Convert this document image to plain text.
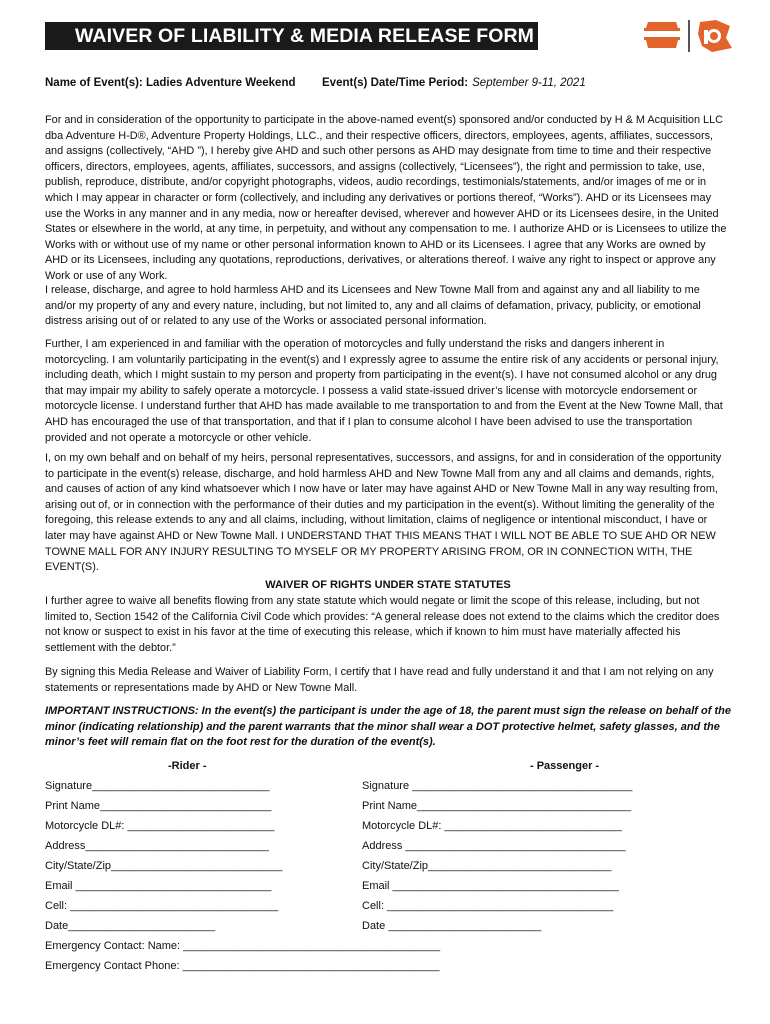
WAIVER OF LIABILITY & MEDIA RELEASE FORM
Name of Event(s): Ladies Adventure Weekend Event(s) Date/Time Period: September 9-11, 2021

For and in consideration of the opportunity to participate in the above-named event(s) sponsored and/or conducted by H & M Acquisition LLC dba Adventure H-D®, Adventure Property Holdings, LLC., and their respective officers, directors, employees, agents, affiliates, successors, and assigns (collectively, “AHD ”), I hereby give AHD and such other persons as AHD may designate from time to time and their respective officers, directors, employees, agents, affiliates, successors, and assigns (collectively, “Licensees”), the right and permission to take, use, publish, reproduce, distribute, and/or copyright photographs, videos, audio recordings, testimonials/statements, and/or images of me or in which I may appear in character or form (collectively, and including any derivatives or portions thereof, “Works”). AHD or its Licensees may use the Works in any manner and in any media, now or hereafter devised, wherever and however AHD or its Licensees desire, in the United States or elsewhere in the world, at any time, in perpetuity, and without any compensation to me. I authorize AHD or is Licensees to utilize the Works with or without use of my name or other personal information known to AHD or its Licensees. I agree that any Works are owned by AHD or its Licensees, including any quotations, reproductions, derivatives, or alterations thereof. I waive any right to inspect or approve any Work or use of any Work.

I release, discharge, and agree to hold harmless AHD and its Licensees and New Towne Mall from and against any and all liability to me and/or my property of any and every nature, including, but not limited to, any and all claims of defamation, privacy, publicity, or emotional distress arising out of or related to any use of the Works or associated personal information.

Further, I am experienced in and familiar with the operation of motorcycles and fully understand the risks and dangers inherent in motorcycling. I am voluntarily participating in the event(s) and I expressly agree to assume the entire risk of any accidents or personal injury, including death, which I might sustain to my person and property from participating in the event(s). I have not consumed alcohol or any drug that may impair my ability to safely operate a motorcycle. I possess a valid state-issued driver’s license with motorcycle endorsement or motorcycle license. I understand further that AHD has made available to me transportation to and from the Event at the New Towne Mall, that AHD has encouraged the use of that transportation, and that if I plan to consume alcohol I have been advised to use the transportation provided and not operate a motorcycle or other vehicle.

I, on my own behalf and on behalf of my heirs, personal representatives, successors, and assigns, for and in consideration of the opportunity to participate in the event(s) release, discharge, and hold harmless AHD and New Towne Mall from any and all claims and demands, rights, and causes of action of any kind whatsoever which I now have or later may have against AHD or New Towne Mall in any way resulting from, arising out of, or in connection with the performance of their duties and my participation in the event(s). Without limiting the generality of the foregoing, this release extends to any and all claims, including, without limitation, claims of negligence or intentional misconduct, I have or later may have against AHD or New Towne Mall. I UNDERSTAND THAT THIS MEANS THAT I WILL NOT BE ABLE TO SUE AHD OR NEW TOWNE MALL FOR ANY INJURY RESULTING TO MYSELF OR MY PROPERTY ARISING FROM, OR IN CONNECTION WITH, THE EVENT(S).

WAIVER OF RIGHTS UNDER STATE STATUTES

I further agree to waive all benefits flowing from any state statute which would negate or limit the scope of this release, including, but not limited to, Section 1542 of the California Civil Code which provides: “A general release does not extend to the claims which the creditor does not know or suspect to exist in his favor at the time of executing this release, which if known to him must have materially affected his settlement with the debtor.”

By signing this Media Release and Waiver of Liability Form, I certify that I have read and fully understand it and that I am not relying on any statements or representations made by AHD or New Towne Mall.

IMPORTANT INSTRUCTIONS: In the event(s) the participant is under the age of 18, the parent must sign the release on behalf of the minor (indicating relationship) and the parent warrants that the minor shall wear a DOT protective helmet, safety glasses, and the minor’s feet will remain flat on the foot rest for the duration of the event(s).

-Rider -	- Passenger -
Signature_____________________________
Print Name____________________________
Motorcycle DL#: ________________________
Address______________________________
City/State/Zip____________________________
Email ________________________________
Cell: __________________________________
Date________________________
Signature ____________________________________
Print Name___________________________________
Motorcycle DL#: _____________________________
Address ____________________________________
City/State/Zip______________________________
Email _____________________________________
Cell: _____________________________________
Date _________________________
Emergency Contact: Name: __________________________________________
Emergency Contact Phone: __________________________________________
